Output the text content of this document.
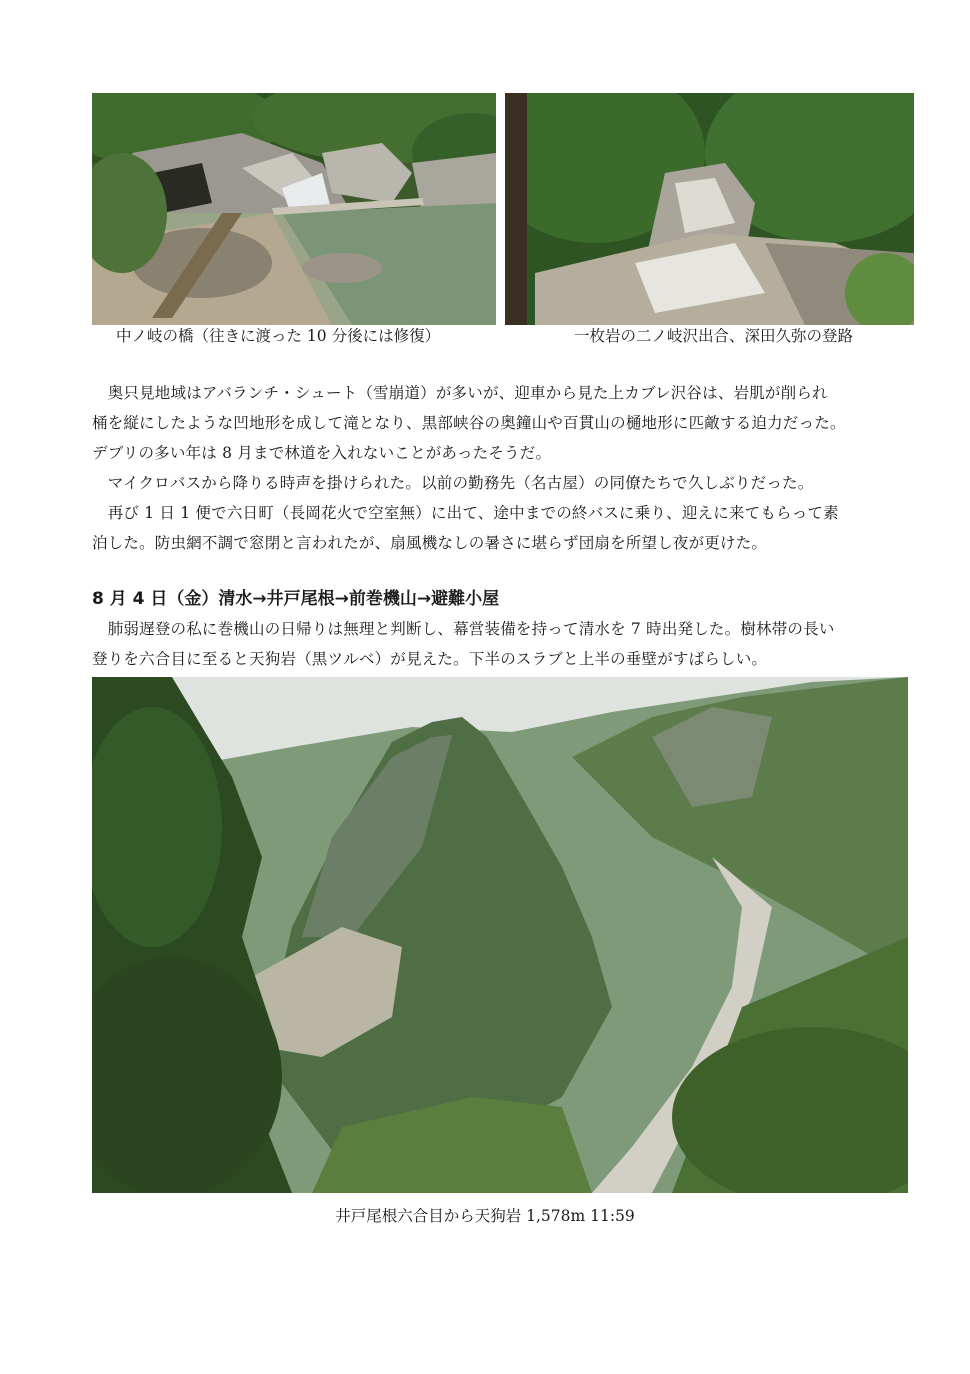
中ノ岐の橋（往きに渡った 10 分後には修復）	一枚岩の二ノ岐沢出合、深田久弥の登路
　奥只見地域はアバランチ・シュート（雪崩道）が多いが、迎車から見た上カブレ沢谷は、岩肌が削られ
桶を縦にしたような凹地形を成して滝となり、黒部峡谷の奥鐘山や百貫山の樋地形に匹敵する迫力だった。
デブリの多い年は 8 月まで林道を入れないことがあったそうだ。
　マイクロバスから降りる時声を掛けられた。以前の勤務先（名古屋）の同僚たちで久しぶりだった。
　再び 1 日 1 便で六日町（長岡花火で空室無）に出て、途中までの終バスに乗り、迎えに来てもらって素
泊した。防虫網不調で窓閉と言われたが、扇風機なしの暑さに堪らず団扇を所望し夜が更けた。
8 月 4 日（金）清水→井戸尾根→前巻機山→避難小屋
　肺弱遅登の私に巻機山の日帰りは無理と判断し、幕営装備を持って清水を 7 時出発した。樹林帯の長い
登りを六合目に至ると天狗岩（黒ツルベ）が見えた。下半のスラブと上半の垂壁がすばらしい。
井戸尾根六合目から天狗岩 1,578m 11:59
